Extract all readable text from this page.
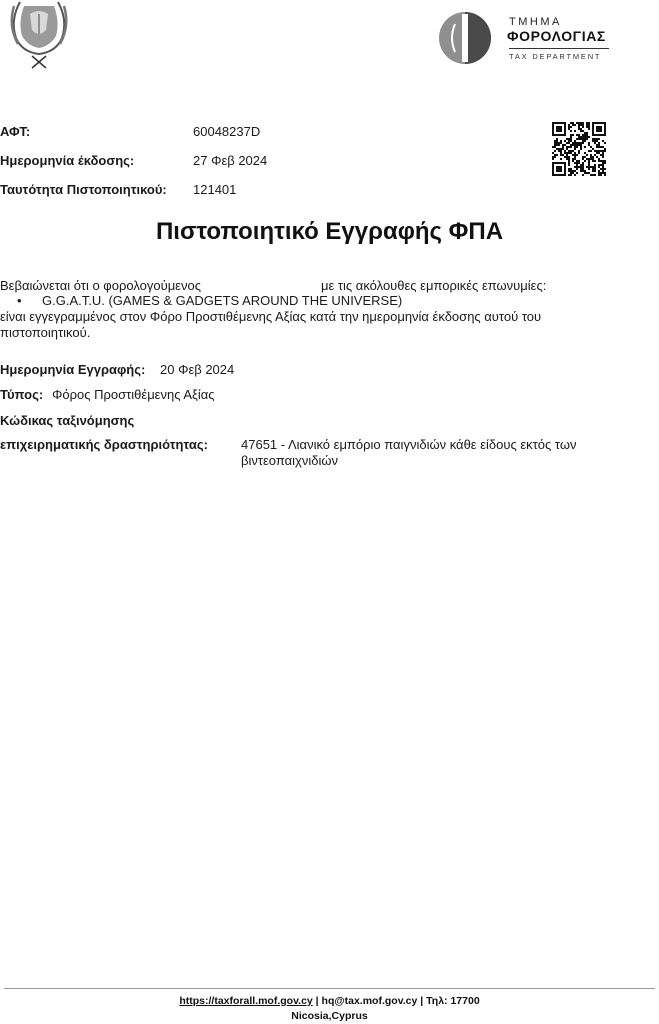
ΤΜΗΜΑ
ΦΟΡΟΛΟΓΙΑΣ
TAX DEPARTMENT
ΑΦΤ:	60048237D
Ημερομηνία έκδοσης:	27 Φεβ 2024
Ταυτότητα Πιστοποιητικού: 121401
Πιστοποιητικό Εγγραφής ΦΠΑ
Βεβαιώνεται ότι ο φορολογούμενος	με τις ακόλουθες εμπορικές επωνυμίες:
• G.G.A.T.U. (GAMES & GADGETS AROUND THE UNIVERSE)
είναι εγγεγραμμένος στον Φόρο Προστιθέμενης Αξίας κατά την ημερομηνία έκδοσης αυτού του
πιστοποιητικού.
Ημερομηνία Εγγραφής: 20 Φεβ 2024
Τύπος: Φόρος Προστιθέμενης Αξίας
Κώδικας ταξινόμησης
επιχειρηματικής δραστηριότητας:	47651 - Λιανικό εμπόριο παιγνιδιών κάθε είδους εκτός των
βιντεοπαιχνιδιών
https://taxforall.mof.gov.cy | hq@tax.mof.gov.cy | Τηλ: 17700
Nicosia,Cyprus
